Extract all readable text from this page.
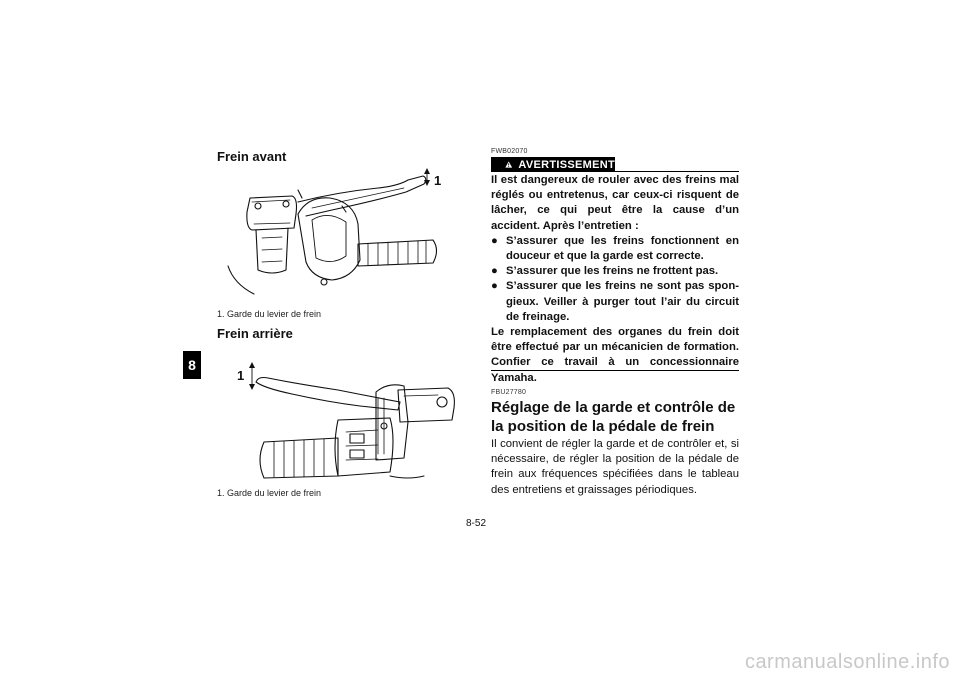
8
Frein avant
1
1. Garde du levier de frein
Frein arrière
1
1. Garde du levier de frein
FWB02070
AVERTISSEMENT

Il est dangereux de rouler avec des freins mal réglés ou entretenus, car ceux-ci risquent de lâcher, ce qui peut être la cause d’un accident. Après l’entretien :

● S’assurer que les freins fonctionnent en douceur et que la garde est correcte.
● S’assurer que les freins ne frottent pas.
● S’assurer que les freins ne sont pas spon-gieux. Veiller à purger tout l’air du circuit de freinage.

Le remplacement des organes du frein doit être effectué par un mécanicien de formation. Confier ce travail à un concessionnaire Yamaha.

FBU27780
Réglage de la garde et contrôle de la position de la pédale de frein
Il convient de régler la garde et de contrôler et, si nécessaire, de régler la position de la pédale de frein aux fréquences spécifiées dans le tableau des entretiens et graissages périodiques.
8-52
carmanualsonline.info
